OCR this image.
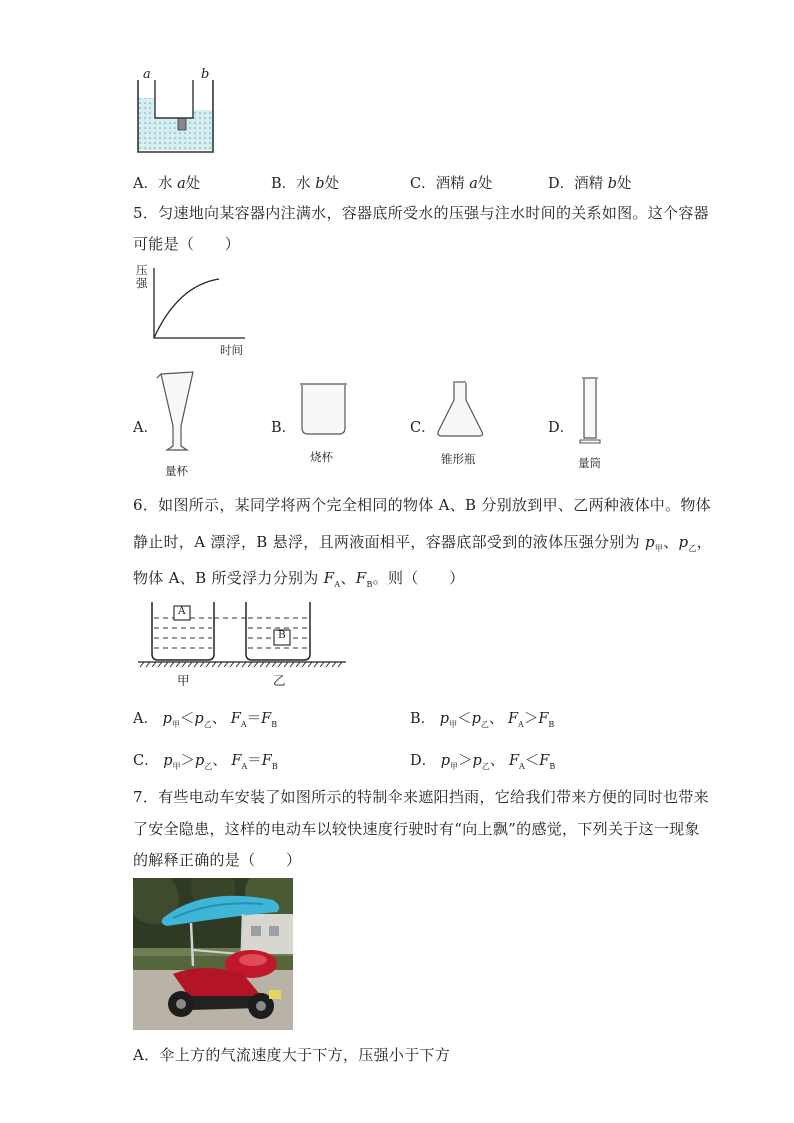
a	b
A．水 a处	B．水 b处	C．酒精 a处	D．酒精 b处
5．匀速地向某容器内注满水，容器底所受水的压强与注水时间的关系如图。这个容器
可能是（　　）
压
强
时间
A．
量杯
B．
烧杯
C．
锥形瓶
D．
量筒
6．如图所示，某同学将两个完全相同的物体 A、B 分别放到甲、乙两种液体中。物体
静止时，A 漂浮，B 悬浮，且两液面相平，容器底部受到的液体压强分别为 $p_甲$、$p_乙$，
物体 A、B 所受浮力分别为 $F_A$、$F_B$。则（　　）
A
B
甲	乙
A． $p_甲<p_乙$、 $F_A=F_B$	B． $p_甲<p_乙$、 $F_A>F_B$
C． $p_甲>p_乙$、 $F_A=F_B$	D． $p_甲>p_乙$、 $F_A<F_B$
7．有些电动车安装了如图所示的特制伞来遮阳挡雨，它给我们带来方便的同时也带来
了安全隐患，这样的电动车以较快速度行驶时有“向上飘”的感觉，下列关于这一现象
的解释正确的是（　　）
A．伞上方的气流速度大于下方，压强小于下方
